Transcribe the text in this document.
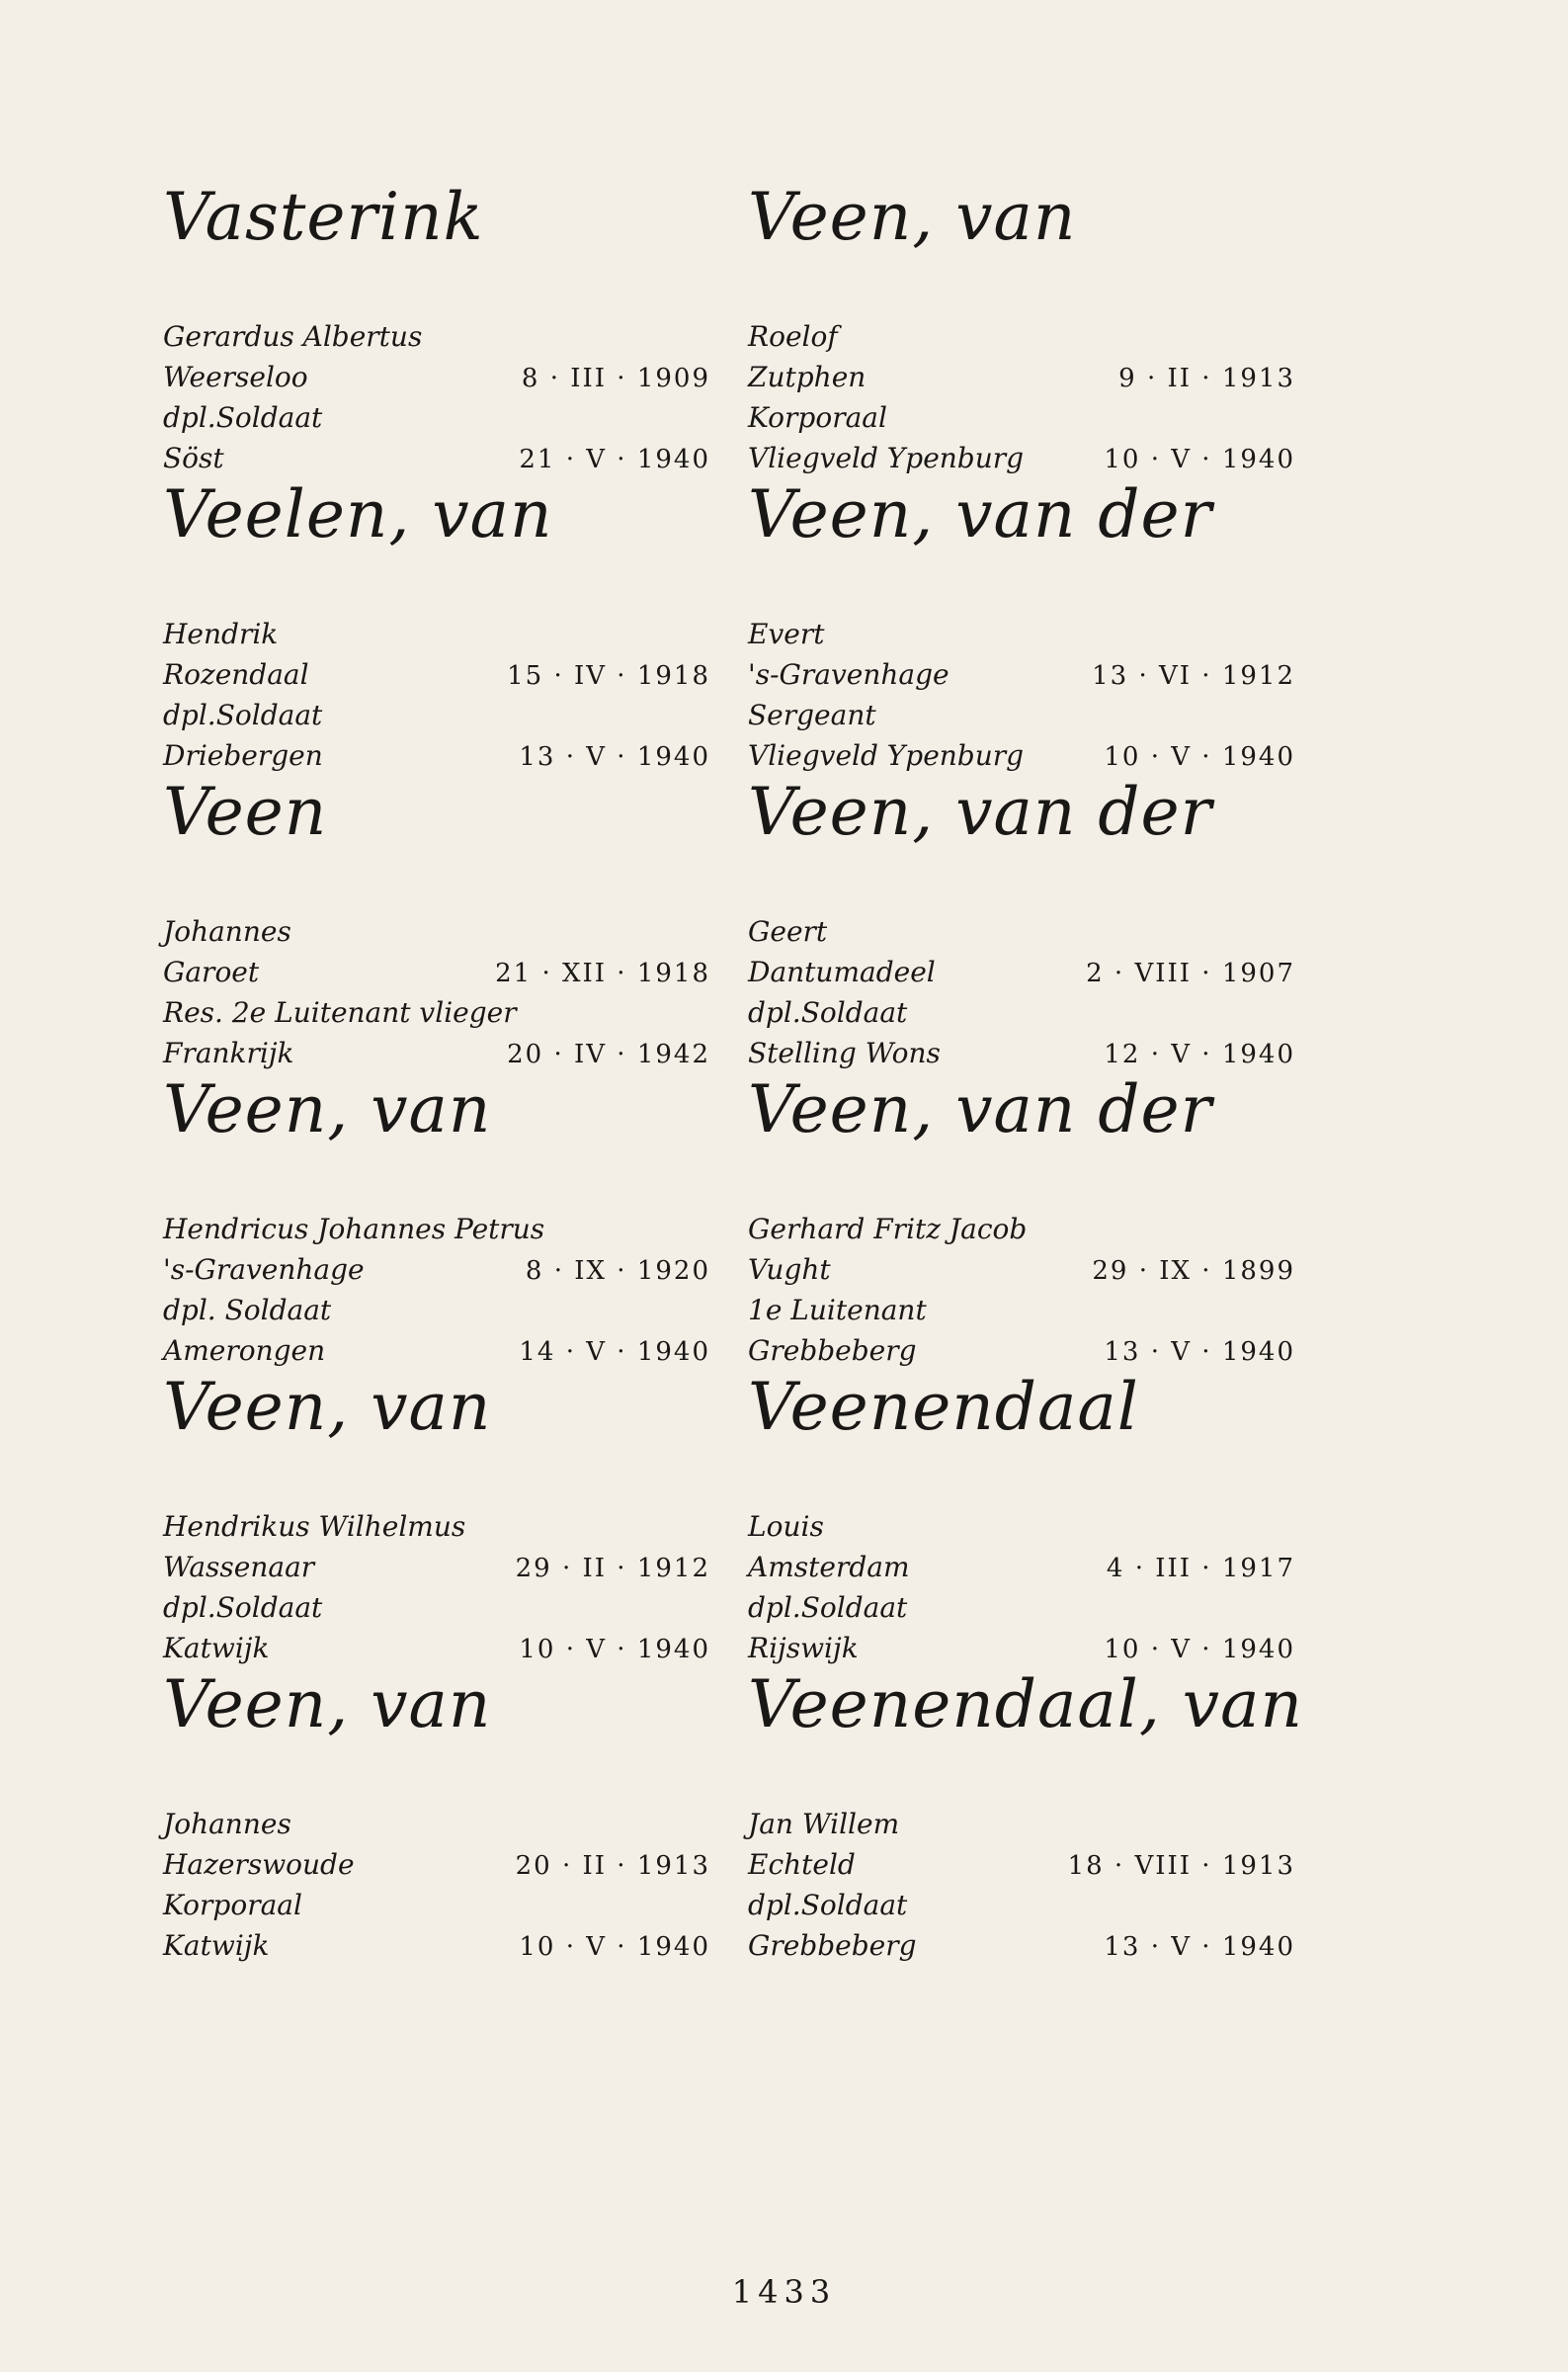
Vasterink
Gerardus Albertus
Weerseloo	8 · III · 1909
dpl.Soldaat
Söst	21 · V · 1940
Veelen, van
Hendrik
Rozendaal	15 · IV · 1918
dpl.Soldaat
Driebergen	13 · V · 1940
Veen
Johannes
Garoet	21 · XII · 1918
Res. 2e Luitenant vlieger
Frankrijk	20 · IV · 1942
Veen, van
Hendricus Johannes Petrus
's-Gravenhage	8 · IX · 1920
dpl. Soldaat
Amerongen	14 · V · 1940
Veen, van
Hendrikus Wilhelmus
Wassenaar	29 · II · 1912
dpl.Soldaat
Katwijk	10 · V · 1940
Veen, van
Johannes
Hazerswoude	20 · II · 1913
Korporaal
Katwijk	10 · V · 1940
Veen, van
Roelof
Zutphen	9 · II · 1913
Korporaal
Vliegveld Ypenburg	10 · V · 1940
Veen, van der
Evert
's-Gravenhage	13 · VI · 1912
Sergeant
Vliegveld Ypenburg	10 · V · 1940
Veen, van der
Geert
Dantumadeel	2 · VIII · 1907
dpl.Soldaat
Stelling Wons	12 · V · 1940
Veen, van der
Gerhard Fritz Jacob
Vught	29 · IX · 1899
1e Luitenant
Grebbeberg	13 · V · 1940
Veenendaal
Louis
Amsterdam	4 · III · 1917
dpl.Soldaat
Rijswijk	10 · V · 1940
Veenendaal, van
Jan Willem
Echteld	18 · VIII · 1913
dpl.Soldaat
Grebbeberg	13 · V · 1940
1433
